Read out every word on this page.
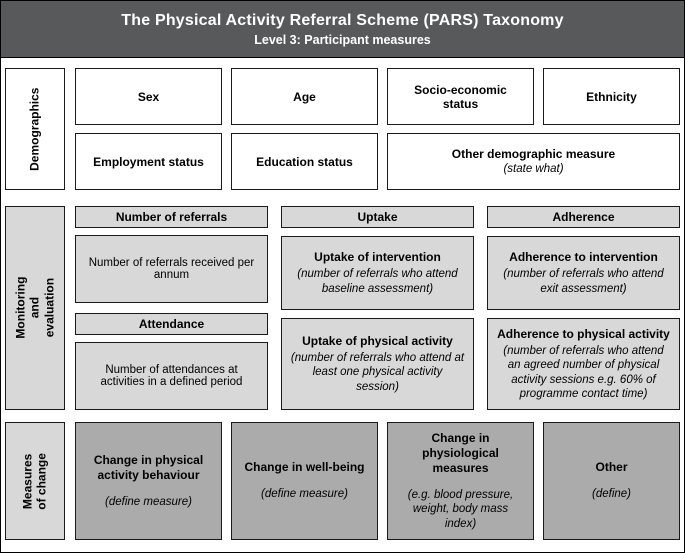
The Physical Activity Referral Scheme (PARS) Taxonomy
Level 3: Participant measures
Demographics	Sex	Age	Socio-economic status	Ethnicity
Employment status	Education status
Other demographic measure
(state what)
Monitoring and evaluation
Number of referrals
Number of referrals received per annum
Attendance
Number of attendances at activities in a defined period
Uptake
Uptake of intervention
(number of referrals who attend baseline assessment)
Uptake of physical activity
(number of referrals who attend at least one physical activity session)
Adherence
Adherence to intervention
(number of referrals who attend exit assessment)
Adherence to physical activity
(number of referrals who attend an agreed number of physical activity sessions e.g. 60% of programme contact time)
Measures of change	Change in physical activity behaviour
(define measure)
Change in well-being
(define measure)
Change in physiological measures
(e.g. blood pressure, weight, body mass index)
Other
(define)
